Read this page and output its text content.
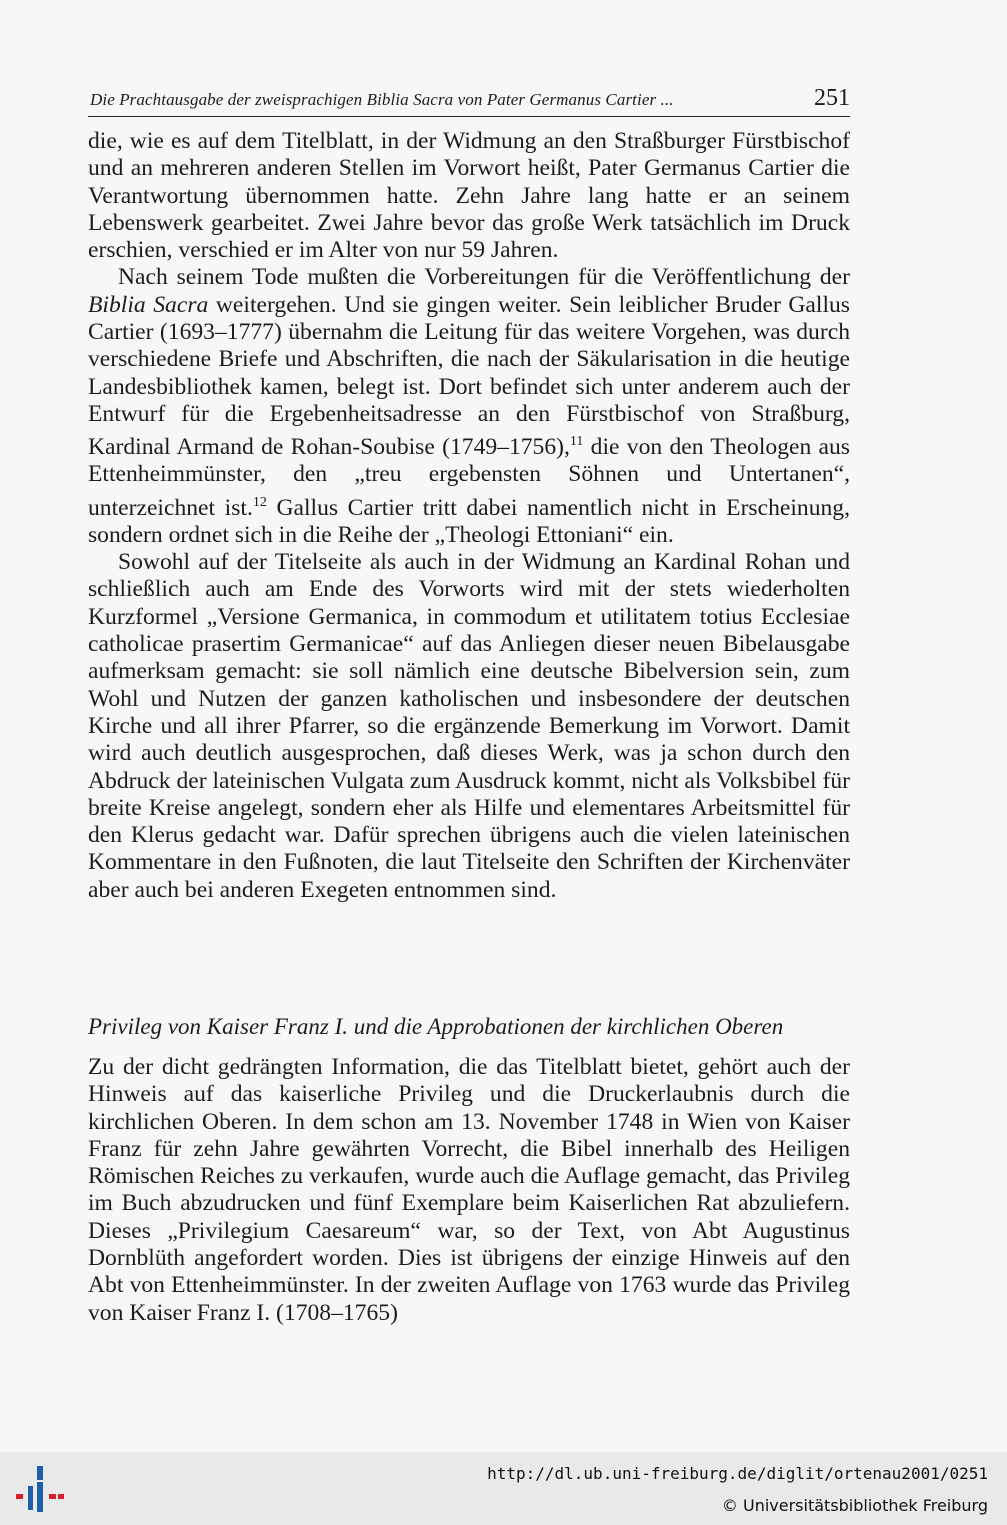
Die Prachtausgabe der zweisprachigen Biblia Sacra von Pater Germanus Cartier ...	251

die, wie es auf dem Titelblatt, in der Widmung an den Straßburger Fürstbischof und an mehreren anderen Stellen im Vorwort heißt, Pater Germanus Cartier die Verantwortung übernommen hatte. Zehn Jahre lang hatte er an seinem Lebenswerk gearbeitet. Zwei Jahre bevor das große Werk tatsächlich im Druck erschien, verschied er im Alter von nur 59 Jahren.

Nach seinem Tode mußten die Vorbereitungen für die Veröffentlichung der Biblia Sacra weitergehen. Und sie gingen weiter. Sein leiblicher Bruder Gallus Cartier (1693–1777) übernahm die Leitung für das weitere Vorgehen, was durch verschiedene Briefe und Abschriften, die nach der Säkularisation in die heutige Landesbibliothek kamen, belegt ist. Dort befindet sich unter anderem auch der Entwurf für die Ergebenheitsadresse an den Fürstbischof von Straßburg, Kardinal Armand de Rohan-Soubise (1749–1756),$^{11}$ die von den Theologen aus Ettenheimmünster, den „treu ergebensten Söhnen und Untertanen“, unterzeichnet ist.$^{12}$ Gallus Cartier tritt dabei namentlich nicht in Erscheinung, sondern ordnet sich in die Reihe der „Theologi Ettoniani“ ein.

Sowohl auf der Titelseite als auch in der Widmung an Kardinal Rohan und schließlich auch am Ende des Vorworts wird mit der stets wiederholten Kurzformel „Versione Germanica, in commodum et utilitatem totius Ecclesiae catholicae prasertim Germanicae“ auf das Anliegen dieser neuen Bibelausgabe aufmerksam gemacht: sie soll nämlich eine deutsche Bibelversion sein, zum Wohl und Nutzen der ganzen katholischen und insbesondere der deutschen Kirche und all ihrer Pfarrer, so die ergänzende Bemerkung im Vorwort. Damit wird auch deutlich ausgesprochen, daß dieses Werk, was ja schon durch den Abdruck der lateinischen Vulgata zum Ausdruck kommt, nicht als Volksbibel für breite Kreise angelegt, sondern eher als Hilfe und elementares Arbeitsmittel für den Klerus gedacht war. Dafür sprechen übrigens auch die vielen lateinischen Kommentare in den Fußnoten, die laut Titelseite den Schriften der Kirchenväter aber auch bei anderen Exegeten entnommen sind.

Privileg von Kaiser Franz I. und die Approbationen der kirchlichen Oberen

Zu der dicht gedrängten Information, die das Titelblatt bietet, gehört auch der Hinweis auf das kaiserliche Privileg und die Druckerlaubnis durch die kirchlichen Oberen. In dem schon am 13. November 1748 in Wien von Kaiser Franz für zehn Jahre gewährten Vorrecht, die Bibel innerhalb des Heiligen Römischen Reiches zu verkaufen, wurde auch die Auflage gemacht, das Privileg im Buch abzudrucken und fünf Exemplare beim Kaiserlichen Rat abzuliefern. Dieses „Privilegium Caesareum“ war, so der Text, von Abt Augustinus Dornblüth angefordert worden. Dies ist übrigens der einzige Hinweis auf den Abt von Ettenheimmünster. In der zweiten Auflage von 1763 wurde das Privileg von Kaiser Franz I. (1708–1765)

http://dl.ub.uni-freiburg.de/diglit/ortenau2001/0251
© Universitätsbibliothek Freiburg
